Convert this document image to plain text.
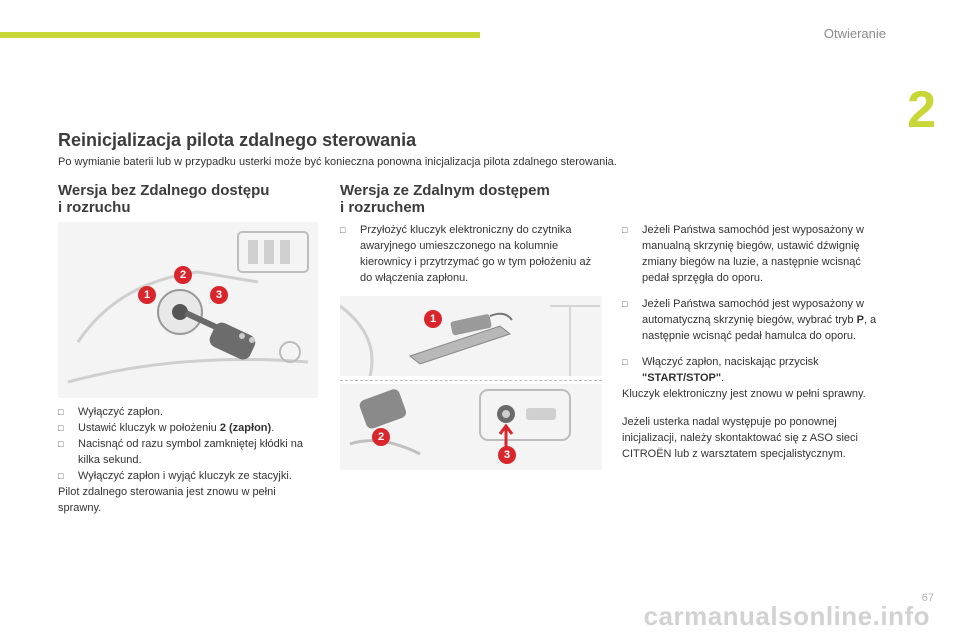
Otwieranie
2
Reinicjalizacja pilota zdalnego sterowania
Po wymianie baterii lub w przypadku usterki może być konieczna ponowna inicjalizacja pilota zdalnego sterowania.
Wersja bez Zdalnego dostępu
i rozruchu
1
2
3
□ Wyłączyć zapłon.
□ Ustawić kluczyk w położeniu 2 (zapłon).
□ Nacisnąć od razu symbol zamkniętej kłódki na kilka sekund.
□ Wyłączyć zapłon i wyjąć kluczyk ze stacyjki.
Pilot zdalnego sterowania jest znowu w pełni sprawny.
Wersja ze Zdalnym dostępem
i rozruchem
□ Przyłożyć kluczyk elektroniczny do czytnika awaryjnego umieszczonego na kolumnie kierownicy i przytrzymać go w tym położeniu aż do włączenia zapłonu.
1
2
3
□ Jeżeli Państwa samochód jest wyposażony w manualną skrzynię biegów, ustawić dźwignię zmiany biegów na luzie, a następnie wcisnąć pedał sprzęgła do oporu.
□ Jeżeli Państwa samochód jest wyposażony w automatyczną skrzynię biegów, wybrać tryb P, a następnie wcisnąć pedał hamulca do oporu.
□ Włączyć zapłon, naciskając przycisk "START/STOP".
Kluczyk elektroniczny jest znowu w pełni sprawny.
Jeżeli usterka nadal występuje po ponownej inicjalizacji, należy skontaktować się z ASO sieci CITROËN lub z warsztatem specjalistycznym.
67
carmanualsonline.info
